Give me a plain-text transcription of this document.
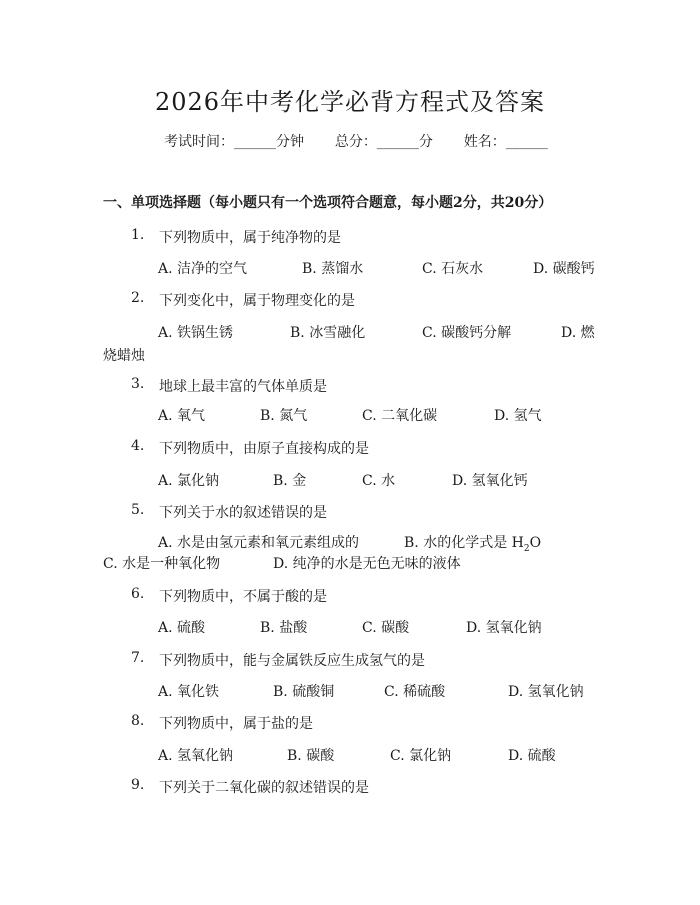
2026年中考化学必背方程式及答案
考试时间：______分钟 总分：______分 姓名：______
一、单项选择题（每小题只有一个选项符合题意，每小题2分，共20分）
1. 下列物质中，属于纯净物的是
A. 洁净的空气	B. 蒸馏水	C. 石灰水	D. 碳酸钙
2. 下列变化中，属于物理变化的是
A. 铁锅生锈	B. 冰雪融化	C. 碳酸钙分解	D. 燃
烧蜡烛
3. 地球上最丰富的气体单质是
A. 氧气	B. 氮气	C. 二氧化碳	D. 氢气
4. 下列物质中，由原子直接构成的是
A. 氯化钠	B. 金	C. 水	D. 氢氧化钙
5. 下列关于水的叙述错误的是
A. 水是由氢元素和氧元素组成的	B. 水的化学式是 $H_2O$
C. 水是一种氧化物	D. 纯净的水是无色无味的液体
6. 下列物质中，不属于酸的是
A. 硫酸	B. 盐酸	C. 碳酸	D. 氢氧化钠
7. 下列物质中，能与金属铁反应生成氢气的是
A. 氧化铁	B. 硫酸铜	C. 稀硫酸	D. 氢氧化钠
8. 下列物质中，属于盐的是
A. 氢氧化钠	B. 碳酸	C. 氯化钠	D. 硫酸
9. 下列关于二氧化碳的叙述错误的是
